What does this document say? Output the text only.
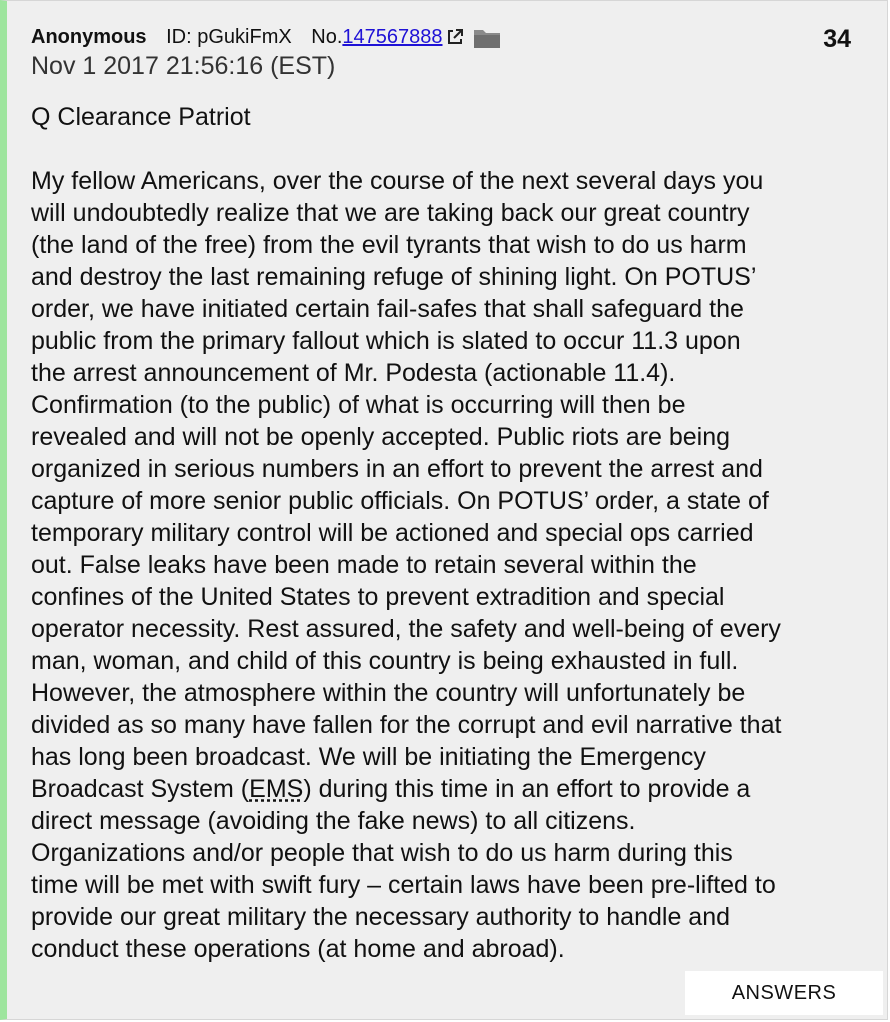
Anonymous ID: pGukiFmX No.147567888	34
Nov 1 2017 21:56:16 (EST)
Q Clearance Patriot
My fellow Americans, over the course of the next several days you
will undoubtedly realize that we are taking back our great country
(the land of the free) from the evil tyrants that wish to do us harm
and destroy the last remaining refuge of shining light. On POTUS’
order, we have initiated certain fail-safes that shall safeguard the
public from the primary fallout which is slated to occur 11.3 upon
the arrest announcement of Mr. Podesta (actionable 11.4).
Confirmation (to the public) of what is occurring will then be
revealed and will not be openly accepted. Public riots are being
organized in serious numbers in an effort to prevent the arrest and
capture of more senior public officials. On POTUS’ order, a state of
temporary military control will be actioned and special ops carried
out. False leaks have been made to retain several within the
confines of the United States to prevent extradition and special
operator necessity. Rest assured, the safety and well-being of every
man, woman, and child of this country is being exhausted in full.
However, the atmosphere within the country will unfortunately be
divided as so many have fallen for the corrupt and evil narrative that
has long been broadcast. We will be initiating the Emergency
Broadcast System (EMS) during this time in an effort to provide a
direct message (avoiding the fake news) to all citizens.
Organizations and/or people that wish to do us harm during this
time will be met with swift fury – certain laws have been pre-lifted to
provide our great military the necessary authority to handle and
conduct these operations (at home and abroad).
ANSWERS
